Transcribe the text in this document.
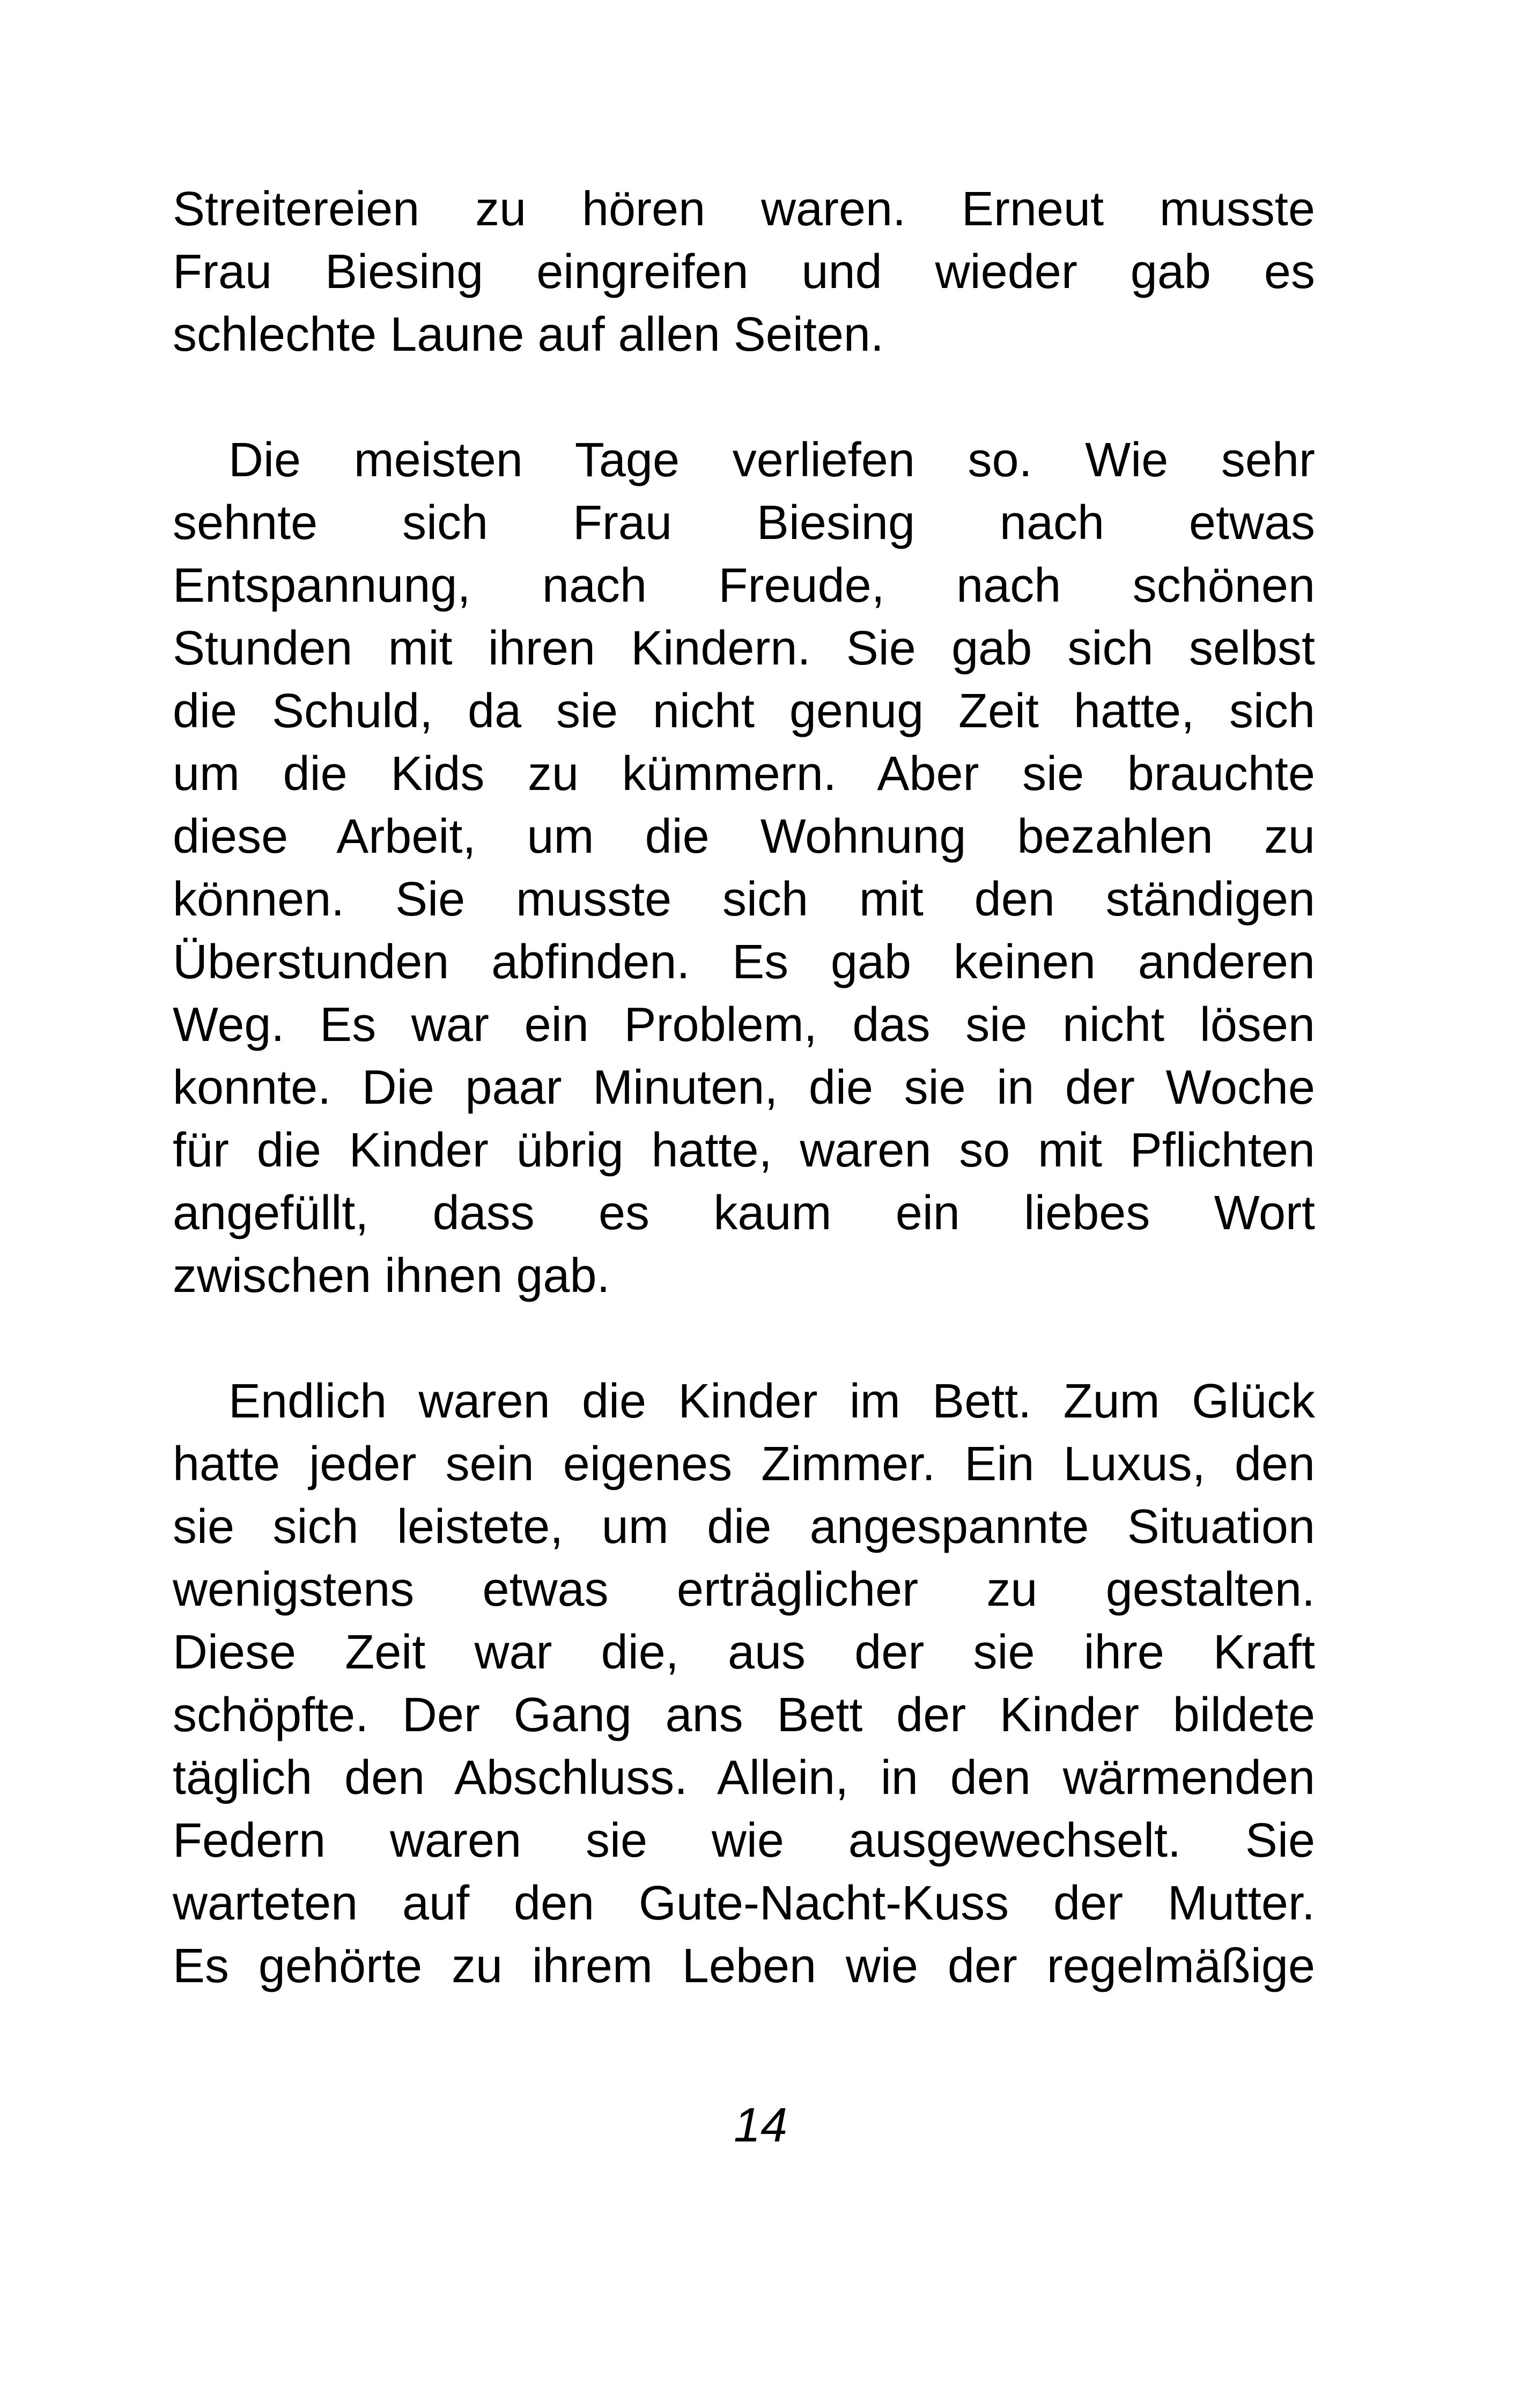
Streitereien zu hören waren. Erneut musste
Frau Biesing eingreifen und wieder gab es
schlechte Laune auf allen Seiten.
Die meisten Tage verliefen so. Wie sehr
sehnte sich Frau Biesing nach etwas
Entspannung, nach Freude, nach schönen
Stunden mit ihren Kindern. Sie gab sich selbst
die Schuld, da sie nicht genug Zeit hatte, sich
um die Kids zu kümmern. Aber sie brauchte
diese Arbeit, um die Wohnung bezahlen zu
können. Sie musste sich mit den ständigen
Überstunden abfinden. Es gab keinen anderen
Weg. Es war ein Problem, das sie nicht lösen
konnte. Die paar Minuten, die sie in der Woche
für die Kinder übrig hatte, waren so mit Pflichten
angefüllt, dass es kaum ein liebes Wort
zwischen ihnen gab.
Endlich waren die Kinder im Bett. Zum Glück
hatte jeder sein eigenes Zimmer. Ein Luxus, den
sie sich leistete, um die angespannte Situation
wenigstens etwas erträglicher zu gestalten.
Diese Zeit war die, aus der sie ihre Kraft
schöpfte. Der Gang ans Bett der Kinder bildete
täglich den Abschluss. Allein, in den wärmenden
Federn waren sie wie ausgewechselt. Sie
warteten auf den Gute-Nacht-Kuss der Mutter.
Es gehörte zu ihrem Leben wie der regelmäßige
14
